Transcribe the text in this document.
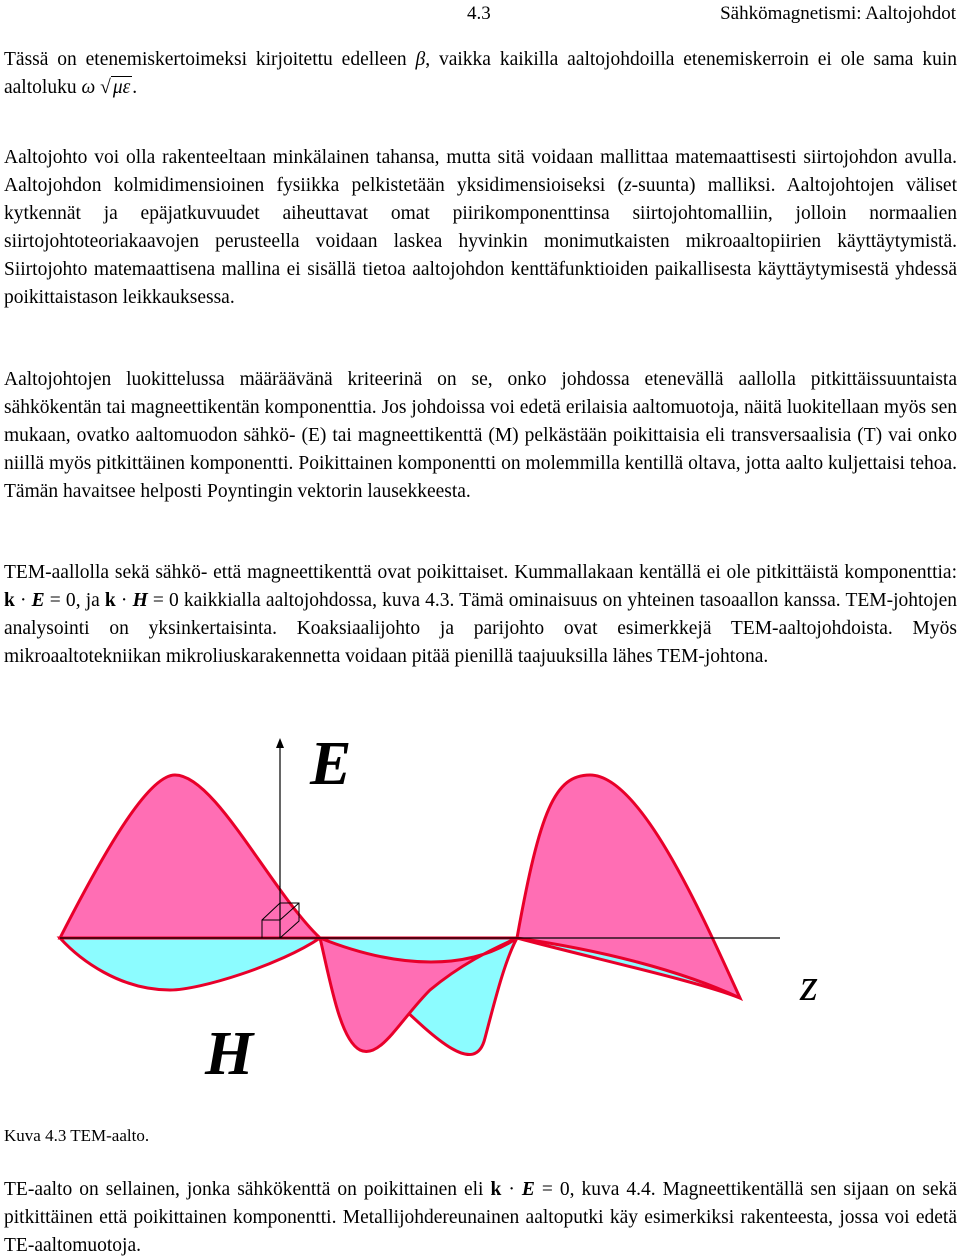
4.3	Sähkömagnetismi: Aaltojohdot
Tässä on etenemiskertoimeksi kirjoitettu edelleen β, vaikka kaikilla aaltojohdoilla etenemiskerroin ei ole sama kuin aaltoluku ω √ με .
Aaltojohto voi olla rakenteeltaan minkälainen tahansa, mutta sitä voidaan mallittaa matemaattisesti siirtojohdon avulla. Aaltojohdon kolmidimensioinen fysiikka pelkistetään yksidimensioiseksi (z-suunta) malliksi. Aaltojohtojen väliset kytkennät ja epäjatkuvuudet aiheuttavat omat piirikomponenttinsa siirtojohtomalliin, jolloin normaalien siirtojohtoteoriakaavojen perusteella voidaan laskea hyvinkin monimutkaisten mikroaaltopiirien käyttäytymistä. Siirtojohto matemaattisena mallina ei sisällä tietoa aaltojohdon kenttäfunktioiden paikallisesta käyttäytymisestä yhdessä poikittaistason leikkauksessa.
Aaltojohtojen luokittelussa määräävänä kriteerinä on se, onko johdossa etenevällä aallolla pitkittäissuuntaista sähkökentän tai magneettikentän komponenttia. Jos johdoissa voi edetä erilaisia aaltomuotoja, näitä luokitellaan myös sen mukaan, ovatko aaltomuodon sähkö- (E) tai magneettikenttä (M) pelkästään poikittaisia eli transversaalisia (T) vai onko niillä myös pitkittäinen komponentti. Poikittainen komponentti on molemmilla kentillä oltava, jotta aalto kuljettaisi tehoa. Tämän havaitsee helposti Poyntingin vektorin lausekkeesta.
TEM-aallolla sekä sähkö- että magneettikenttä ovat poikittaiset. Kummallakaan kentällä ei ole pitkittäistä komponenttia: k · E = 0, ja k · H = 0 kaikkialla aaltojohdossa, kuva 4.3. Tämä ominaisuus on yhteinen tasoaallon kanssa. TEM-johtojen analysointi on yksinkertaisinta. Koaksiaalijohto ja parijohto ovat esimerkkejä TEM-aaltojohdoista. Myös mikroaaltotekniikan mikroliuskarakennetta voidaan pitää pienillä taajuuksilla lähes TEM-johtona.
E
H
z
Kuva 4.3 TEM-aalto.
TE-aalto on sellainen, jonka sähkökenttä on poikittainen eli k · E = 0, kuva 4.4. Magneettikentällä sen sijaan on sekä pitkittäinen että poikittainen komponentti. Metallijohdereunainen aaltoputki käy esimerkiksi rakenteesta, jossa voi edetä TE-aaltomuotoja.
